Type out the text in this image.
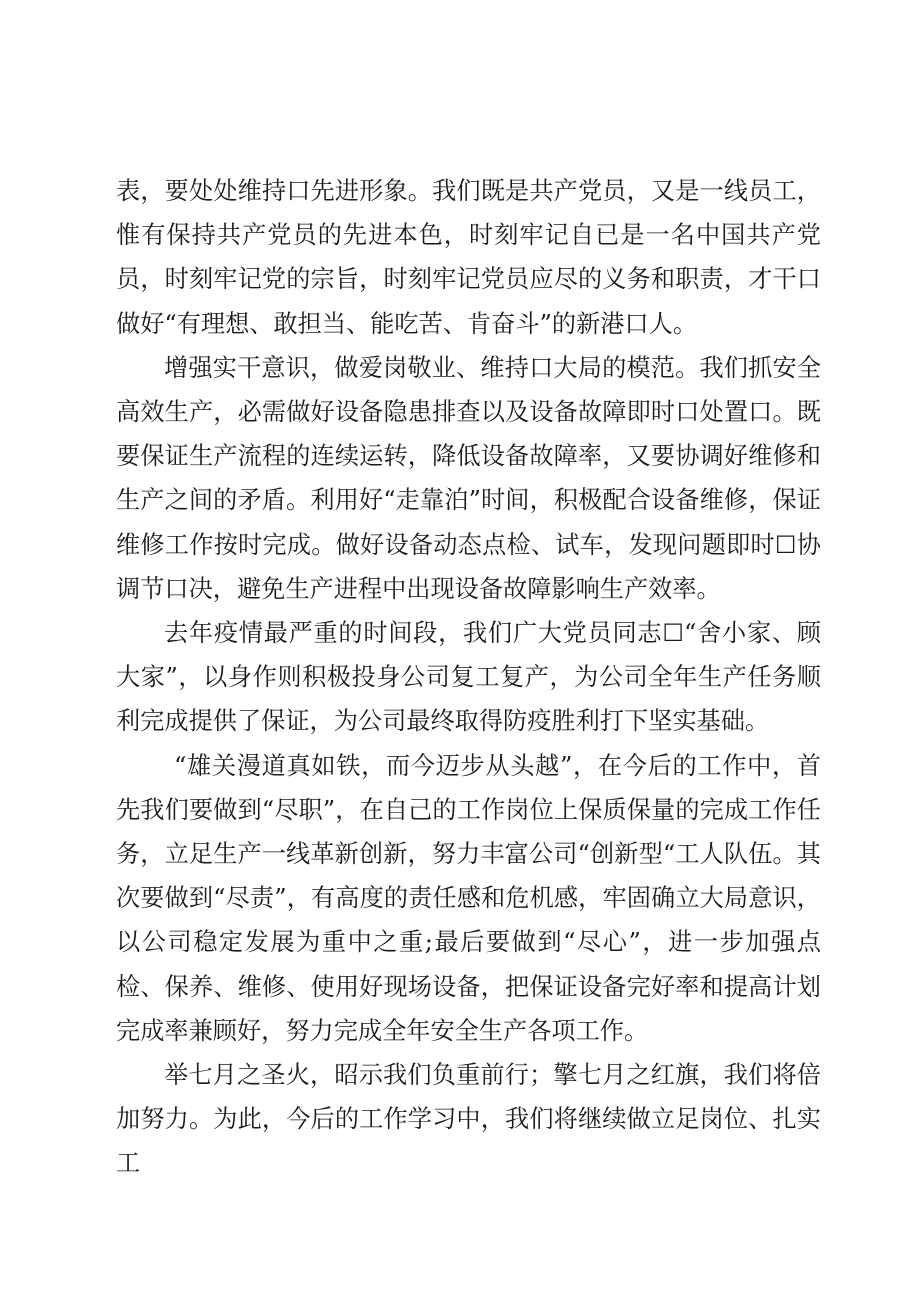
表，要处处维持口先进形象。我们既是共产党员，又是一线员工，惟有保持共产党员的先进本色，时刻牢记自已是一名中国共产党员，时刻牢记党的宗旨，时刻牢记党员应尽的义务和职责，才干口做好“有理想、敢担当、能吃苦、肯奋斗”的新港口人。

增强实干意识，做爱岗敬业、维持口大局的模范。我们抓安全高效生产，必需做好设备隐患排查以及设备故障即时口处置口。既要保证生产流程的连续运转，降低设备故障率，又要协调好维修和生产之间的矛盾。利用好“走靠泊”时间，积极配合设备维修，保证维修工作按时完成。做好设备动态点检、试车，发现问题即时☐协调节口决，避免生产进程中出现设备故障影响生产效率。

去年疫情最严重的时间段，我们广大党员同志☐“舍小家、顾大家”，以身作则积极投身公司复工复产，为公司全年生产任务顺利完成提供了保证，为公司最终取得防疫胜利打下坚实基础。

“雄关漫道真如铁，而今迈步从头越”，在今后的工作中，首先我们要做到“尽职”，在自己的工作岗位上保质保量的完成工作任务，立足生产一线革新创新，努力丰富公司“创新型“工人队伍。其次要做到“尽责”，有高度的责任感和危机感，牢固确立大局意识，以公司稳定发展为重中之重;最后要做到“尽心”，进一步加强点检、保养、维修、使用好现场设备，把保证设备完好率和提高计划完成率兼顾好，努力完成全年安全生产各项工作。

举七月之圣火，昭示我们负重前行；擎七月之红旗，我们将倍加努力。为此，今后的工作学习中，我们将继续做立足岗位、扎实工
